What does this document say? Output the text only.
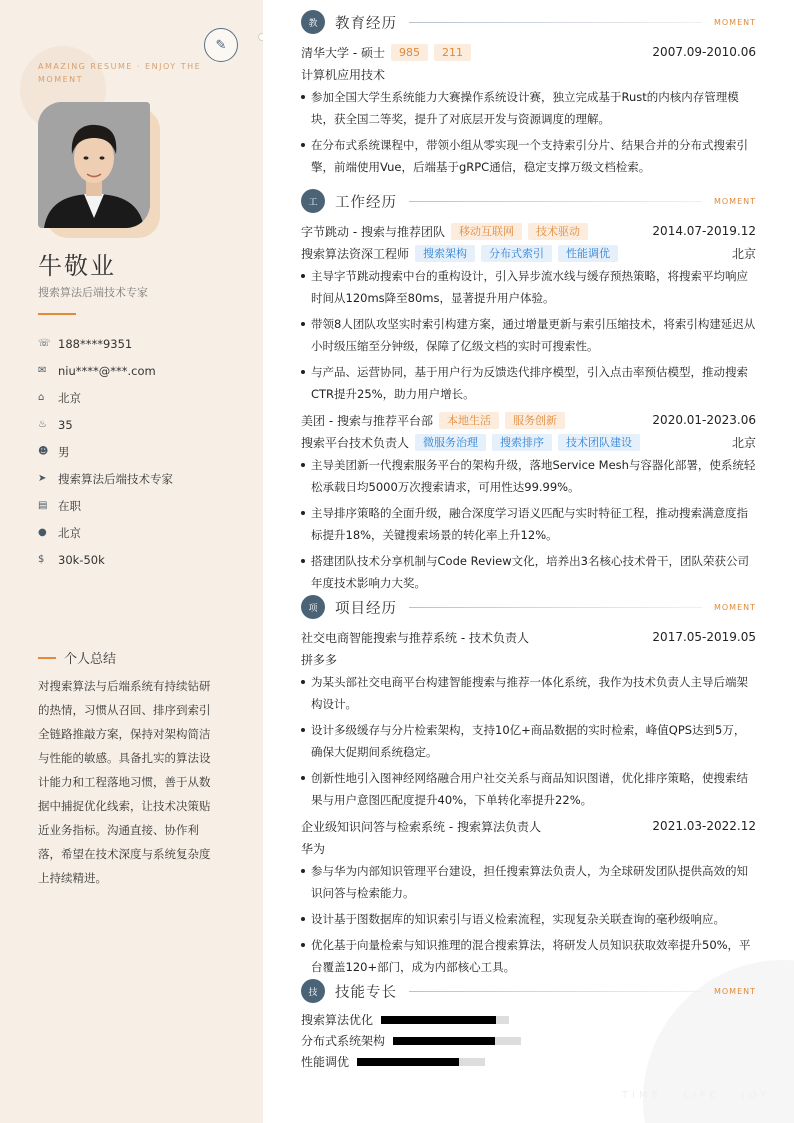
AMAZING RESUME · ENJOY THE MOMENT
✎
牛敬业
搜索算法后端技术专家
☏ 188****9351
✉	niu****@***.com
⌂	北京
♨ 35
☻ 男
➤	搜索算法后端技术专家
▤ 在职
● 北京
$	30k-50k
个人总结
对搜索算法与后端系统有持续钻研的热情，习惯从召回、排序到索引全链路推敲方案，保持对架构简洁与性能的敏感。具备扎实的算法设计能力和工程落地习惯，善于从数据中捕捉优化线索，让技术决策贴近业务指标。沟通直接、协作利落，希望在技术深度与系统复杂度上持续精进。
TIME · LIFE · JOY
教	教育经历	MOMENT
清华大学 - 硕士	985	211	2007.09-2010.06
计算机应用技术
参加全国大学生系统能力大赛操作系统设计赛，独立完成基于Rust的内核内存管理模块，获全国二等奖，提升了对底层开发与资源调度的理解。
在分布式系统课程中，带领小组从零实现一个支持索引分片、结果合并的分布式搜索引擎，前端使用Vue，后端基于gRPC通信，稳定支撑万级文档检索。
工	工作经历	MOMENT
字节跳动 - 搜索与推荐团队	移动互联网	技术驱动	2014.07-2019.12
搜索算法资深工程师	搜索架构	分布式索引	性能调优	北京
主导字节跳动搜索中台的重构设计，引入异步流水线与缓存预热策略，将搜索平均响应时间从120ms降至80ms，显著提升用户体验。
带领8人团队攻坚实时索引构建方案，通过增量更新与索引压缩技术，将索引构建延迟从小时级压缩至分钟级，保障了亿级文档的实时可搜索性。
与产品、运营协同，基于用户行为反馈迭代排序模型，引入点击率预估模型，推动搜索CTR提升25%，助力用户增长。
美团 - 搜索与推荐平台部	本地生活	服务创新	2020.01-2023.06
搜索平台技术负责人	微服务治理	搜索排序	技术团队建设	北京
主导美团新一代搜索服务平台的架构升级，落地Service Mesh与容器化部署，使系统轻松承载日均5000万次搜索请求，可用性达99.99%。
主导排序策略的全面升级，融合深度学习语义匹配与实时特征工程，推动搜索满意度指标提升18%，关键搜索场景的转化率上升12%。
搭建团队技术分享机制与Code Review文化，培养出3名核心技术骨干，团队荣获公司年度技术影响力大奖。
项	项目经历	MOMENT
社交电商智能搜索与推荐系统 - 技术负责人	2017.05-2019.05
拼多多
为某头部社交电商平台构建智能搜索与推荐一体化系统，我作为技术负责人主导后端架构设计。
设计多级缓存与分片检索架构，支持10亿+商品数据的实时检索，峰值QPS达到5万，确保大促期间系统稳定。
创新性地引入图神经网络融合用户社交关系与商品知识图谱，优化排序策略，使搜索结果与用户意图匹配度提升40%，下单转化率提升22%。
企业级知识问答与检索系统 - 搜索算法负责人	2021.03-2022.12
华为
参与华为内部知识管理平台建设，担任搜索算法负责人，为全球研发团队提供高效的知识问答与检索能力。
设计基于图数据库的知识索引与语义检索流程，实现复杂关联查询的毫秒级响应。
优化基于向量检索与知识推理的混合搜索算法，将研发人员知识获取效率提升50%，平台覆盖120+部门，成为内部核心工具。
技	技能专长	MOMENT
搜索算法优化
分布式系统架构
性能调优
